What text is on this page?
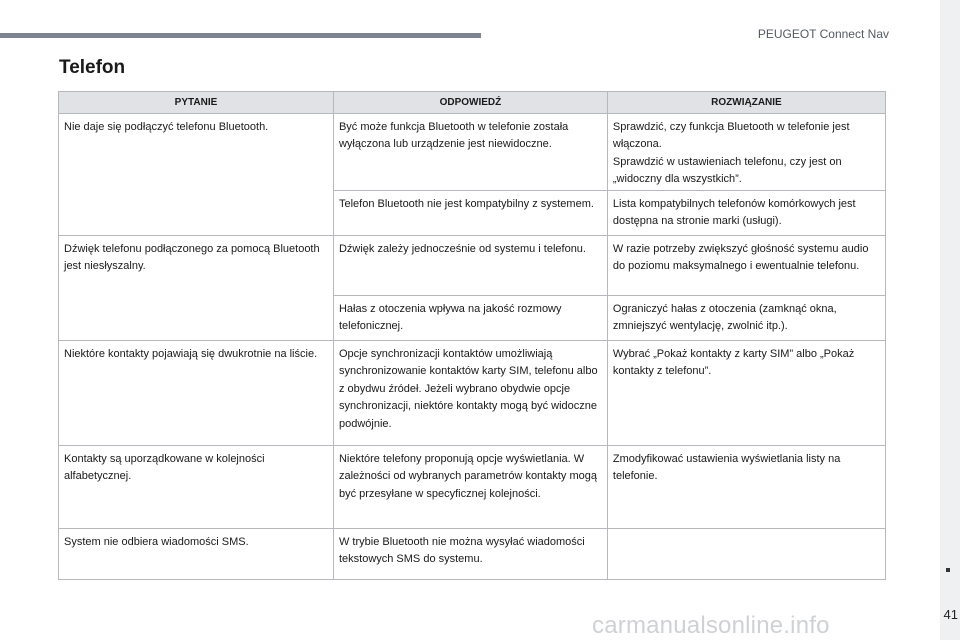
PEUGEOT Connect Nav
41
Telefon
PYTANIE	ODPOWIEDŹ	ROZWIĄZANIE
Nie daje się podłączyć telefonu Bluetooth.	Być może funkcja Bluetooth w telefonie została wyłączona lub urządzenie jest niewidoczne.	Sprawdzić, czy funkcja Bluetooth w telefonie jest włączona.
Sprawdzić w ustawieniach telefonu, czy jest on „widoczny dla wszystkich”.
	Telefon Bluetooth nie jest kompatybilny z systemem.	Lista kompatybilnych telefonów komórkowych jest dostępna na stronie marki (usługi).
Dźwięk telefonu podłączonego za pomocą Bluetooth jest niesłyszalny.	Dźwięk zależy jednocześnie od systemu i telefonu.	W razie potrzeby zwiększyć głośność systemu audio do poziomu maksymalnego i ewentualnie telefonu.
	Hałas z otoczenia wpływa na jakość rozmowy telefonicznej.	Ograniczyć hałas z otoczenia (zamknąć okna, zmniejszyć wentylację, zwolnić itp.).
Niektóre kontakty pojawiają się dwukrotnie na liście.	Opcje synchronizacji kontaktów umożliwiają synchronizowanie kontaktów karty SIM, telefonu albo z obydwu źródeł. Jeżeli wybrano obydwie opcje synchronizacji, niektóre kontakty mogą być widoczne podwójnie.	Wybrać „Pokaż kontakty z karty SIM” albo „Pokaż kontakty z telefonu”.
Kontakty są uporządkowane w kolejności alfabetycznej.	Niektóre telefony proponują opcje wyświetlania. W zależności od wybranych parametrów kontakty mogą być przesyłane w specyficznej kolejności.	Zmodyfikować ustawienia wyświetlania listy na telefonie.
System nie odbiera wiadomości SMS.	W trybie Bluetooth nie można wysyłać wiadomości tekstowych SMS do systemu.	
carmanualsonline.info
